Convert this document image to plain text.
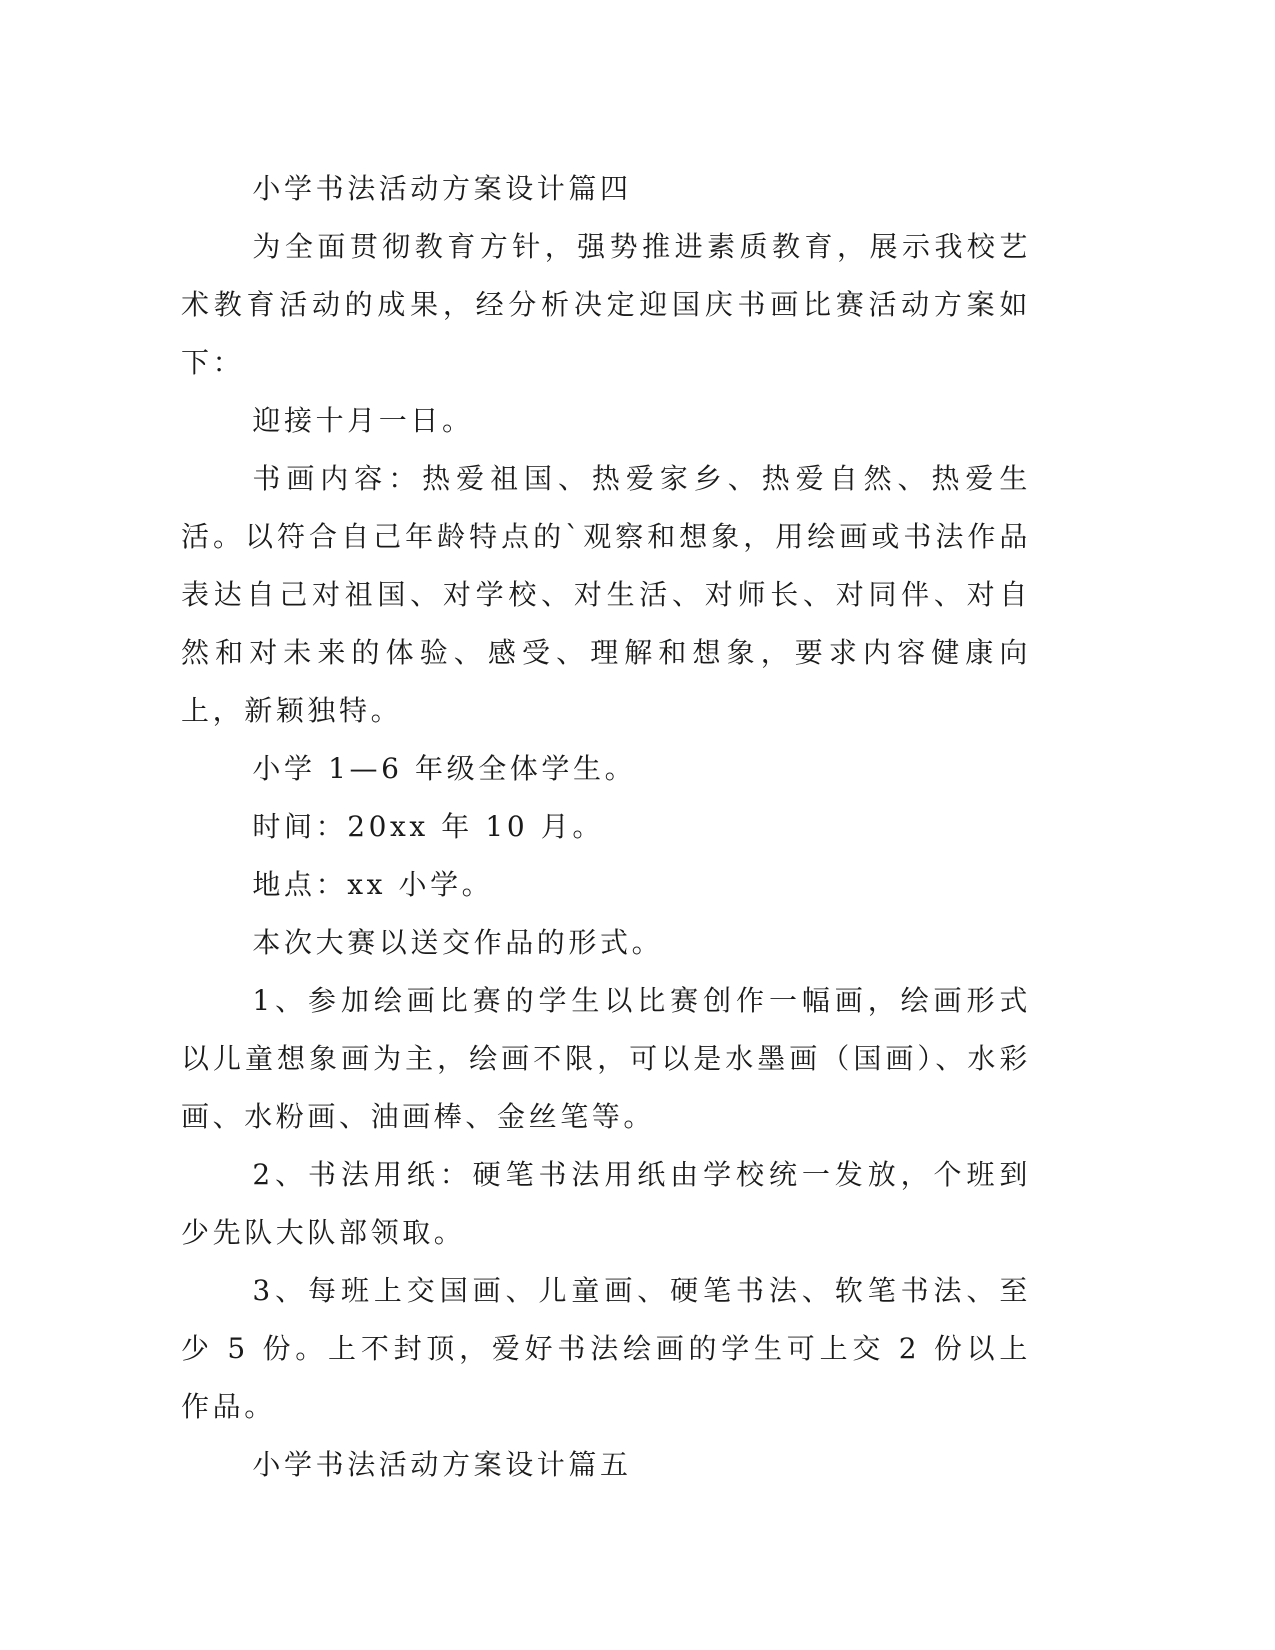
小学书法活动方案设计篇四

为全面贯彻教育方针，强势推进素质教育，展示我校艺术教育活动的成果，经分析决定迎国庆书画比赛活动方案如下：

迎接十月一日。

书画内容：热爱祖国、热爱家乡、热爱自然、热爱生活。以符合自己年龄特点的`观察和想象，用绘画或书法作品表达自己对祖国、对学校、对生活、对师长、对同伴、对自然和对未来的体验、感受、理解和想象，要求内容健康向上，新颖独特。

小学 1—6 年级全体学生。

时间：20xx 年 10 月。

地点：xx 小学。

本次大赛以送交作品的形式。

1、参加绘画比赛的学生以比赛创作一幅画，绘画形式以儿童想象画为主，绘画不限，可以是水墨画（国画）、水彩画、水粉画、油画棒、金丝笔等。

2、书法用纸：硬笔书法用纸由学校统一发放，个班到少先队大队部领取。

3、每班上交国画、儿童画、硬笔书法、软笔书法、至少 5 份。上不封顶，爱好书法绘画的学生可上交 2 份以上作品。

小学书法活动方案设计篇五
